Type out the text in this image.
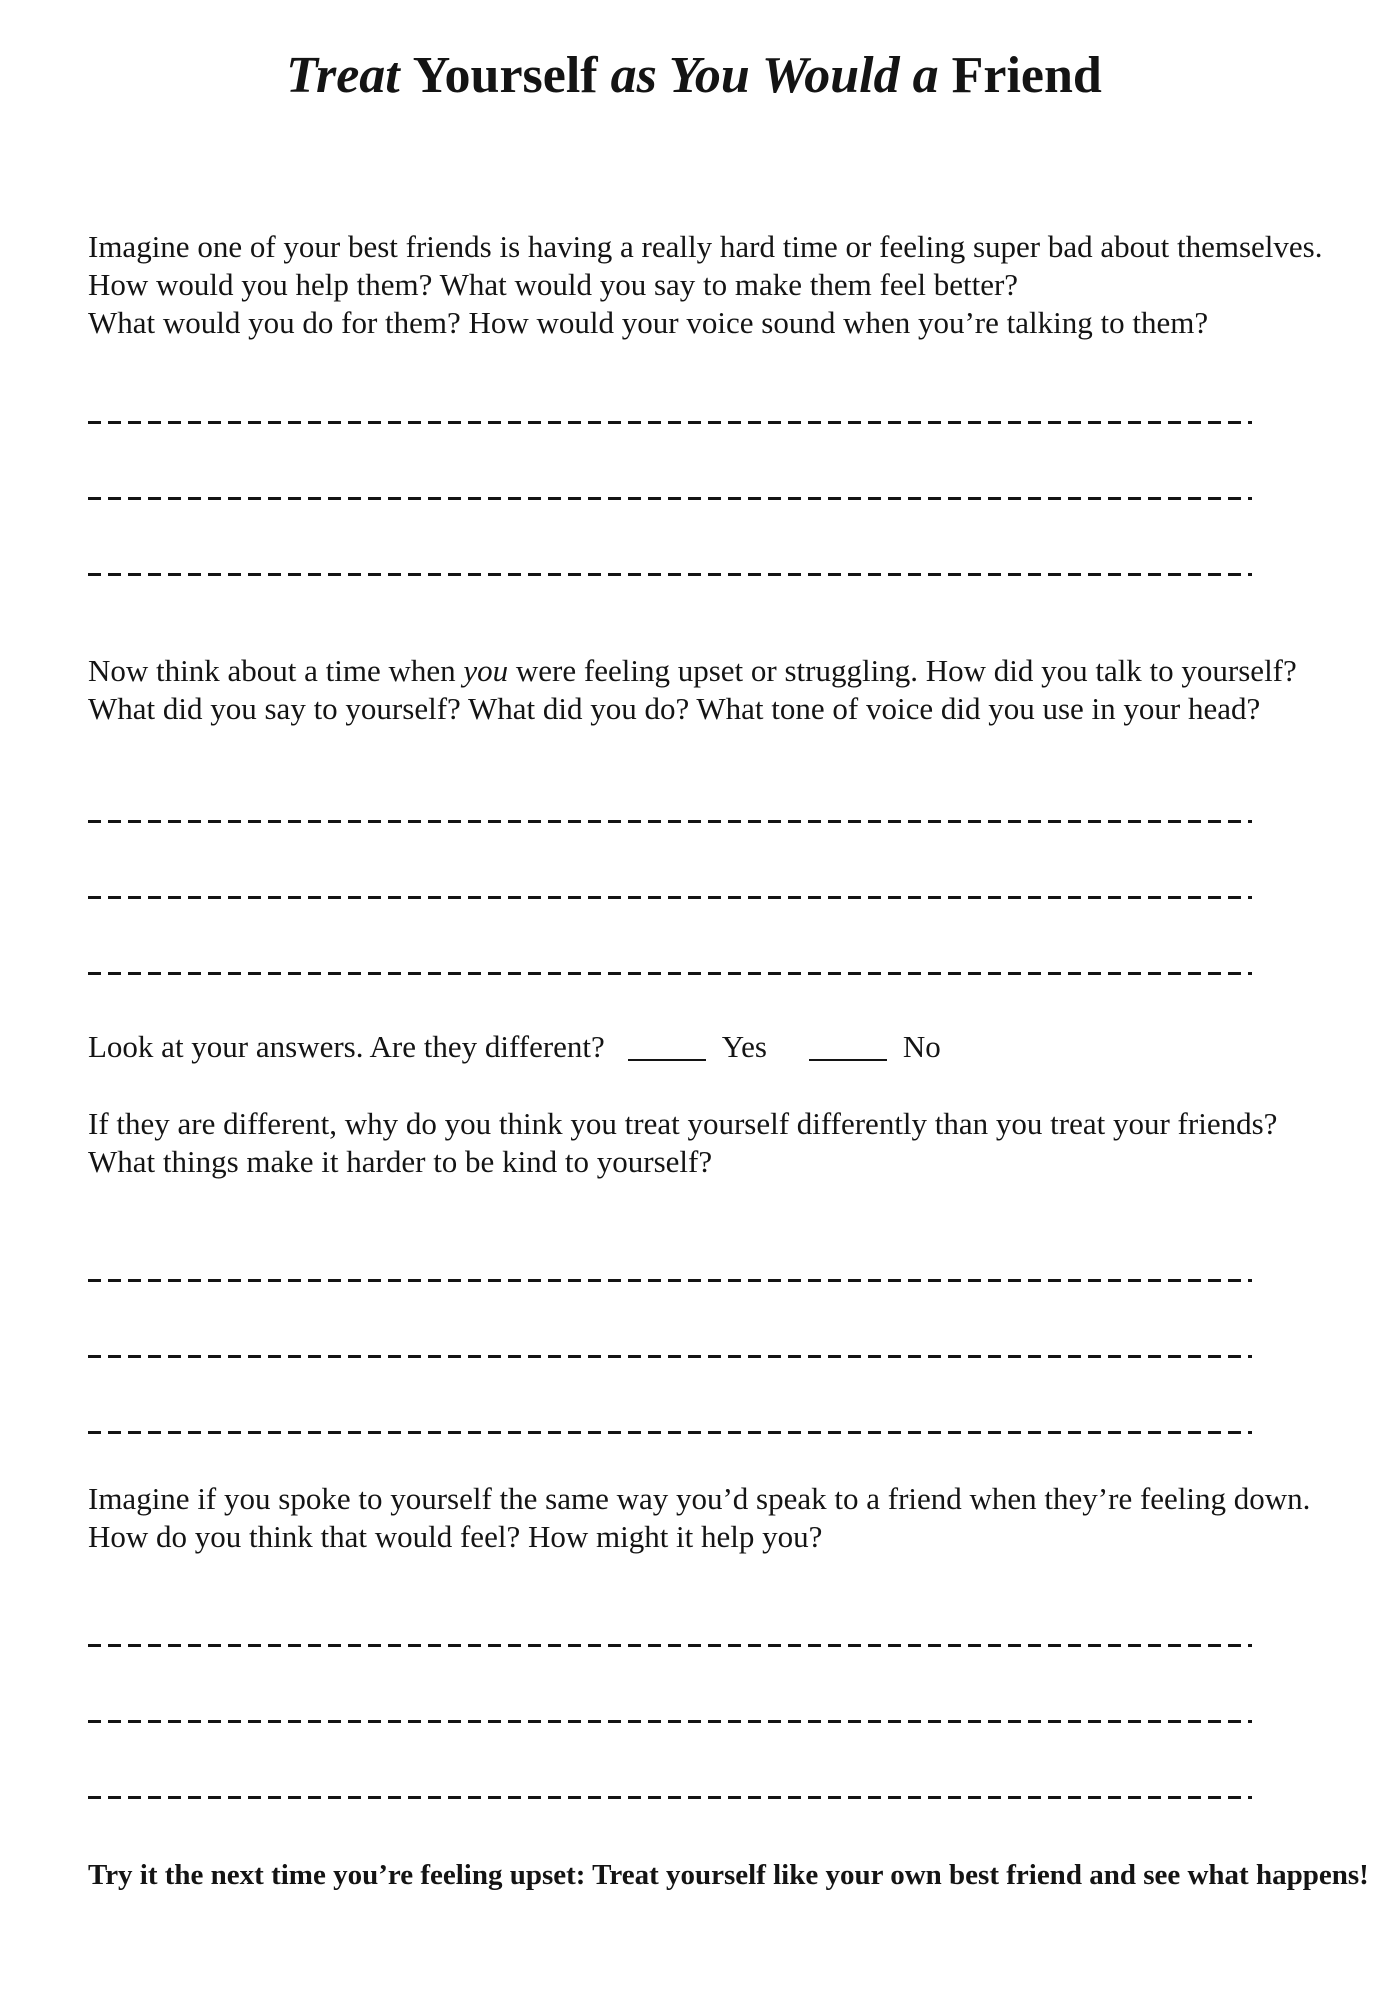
Treat Yourself as You Would a Friend
Imagine one of your best friends is having a really hard time or feeling super bad about themselves.
How would you help them? What would you say to make them feel better?
What would you do for them? How would your voice sound when you’re talking to them?
Now think about a time when you were feeling upset or struggling. How did you talk to yourself?
What did you say to yourself? What did you do? What tone of voice did you use in your head?
Look at your answers. Are they different?	Yes	No
If they are different, why do you think you treat yourself differently than you treat your friends?
What things make it harder to be kind to yourself?
Imagine if you spoke to yourself the same way you’d speak to a friend when they’re feeling down.
How do you think that would feel? How might it help you?
Try it the next time you’re feeling upset: Treat yourself like your own best friend and see what happens!
